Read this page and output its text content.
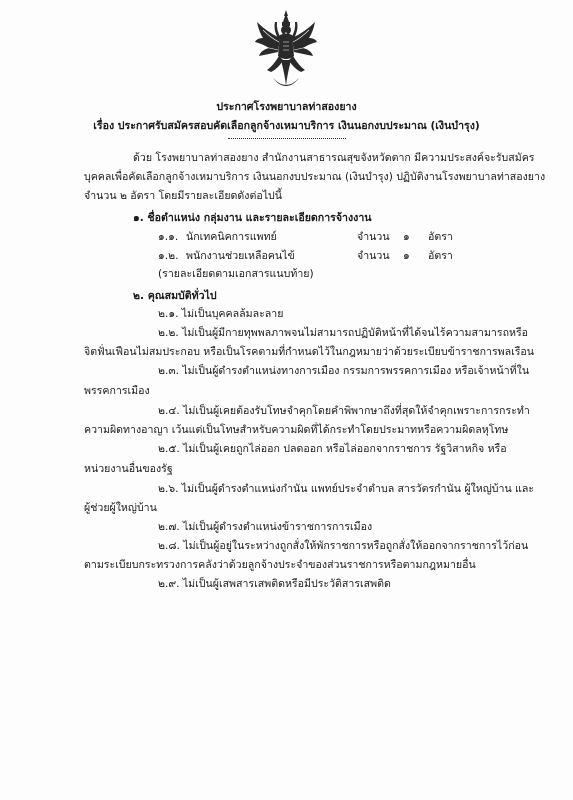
ประกาศโรงพยาบาลท่าสองยาง
เรื่อง ประกาศรับสมัครสอบคัดเลือกลูกจ้างเหมาบริการ เงินนอกงบประมาณ (เงินบำรุง)
ด้วย โรงพยาบาลท่าสองยาง สำนักงานสาธารณสุขจังหวัดตาก มีความประสงค์จะรับสมัคร
บุคคลเพื่อคัดเลือกลูกจ้างเหมาบริการ เงินนอกงบประมาณ (เงินบำรุง) ปฏิบัติงานโรงพยาบาลท่าสองยาง
จำนวน ๒ อัตรา โดยมีรายละเอียดดังต่อไปนี้
๑. ชื่อตำแหน่ง กลุ่มงาน และรายละเอียดการจ้างงาน
๑.๑. นักเทคนิคการแพทย์	จำนวน ๑ อัตรา
๑.๒. พนักงานช่วยเหลือคนไข้	จำนวน ๑ อัตรา
(รายละเอียดตามเอกสารแนบท้าย)
๒. คุณสมบัติทั่วไป
๒.๑. ไม่เป็นบุคคลล้มละลาย
๒.๒. ไม่เป็นผู้มีกายทุพพลภาพจนไม่สามารถปฏิบัติหน้าที่ได้จนไร้ความสามารถหรือ
จิตฟั่นเฟือนไม่สมประกอบ หรือเป็นโรคตามที่กำหนดไว้ในกฎหมายว่าด้วยระเบียบข้าราชการพลเรือน
๒.๓. ไม่เป็นผู้ดำรงตำแหน่งทางการเมือง กรรมการพรรคการเมือง หรือเจ้าหน้าที่ใน
พรรคการเมือง
๒.๔. ไม่เป็นผู้เคยต้องรับโทษจำคุกโดยคำพิพากษาถึงที่สุดให้จำคุกเพราะการกระทำ
ความผิดทางอาญา เว้นแต่เป็นโทษสำหรับความผิดที่ได้กระทำโดยประมาทหรือความผิดลหุโทษ
๒.๕. ไม่เป็นผู้เคยถูกไล่ออก ปลดออก หรือไล่ออกจากราชการ รัฐวิสาหกิจ หรือ
หน่วยงานอื่นของรัฐ
๒.๖. ไม่เป็นผู้ดำรงตำแหน่งกำนัน แพทย์ประจำตำบล สารวัตรกำนัน ผู้ใหญ่บ้าน และ
ผู้ช่วยผู้ใหญ่บ้าน
๒.๗. ไม่เป็นผู้ดำรงตำแหน่งข้าราชการการเมือง
๒.๘. ไม่เป็นผู้อยู่ในระหว่างถูกสั่งให้พักราชการหรือถูกสั่งให้ออกจากราชการไว้ก่อน
ตามระเบียบกระทรวงการคลังว่าด้วยลูกจ้างประจำของส่วนราชการหรือตามกฎหมายอื่น
๒.๙. ไม่เป็นผู้เสพสารเสพติดหรือมีประวัติสารเสพติด
